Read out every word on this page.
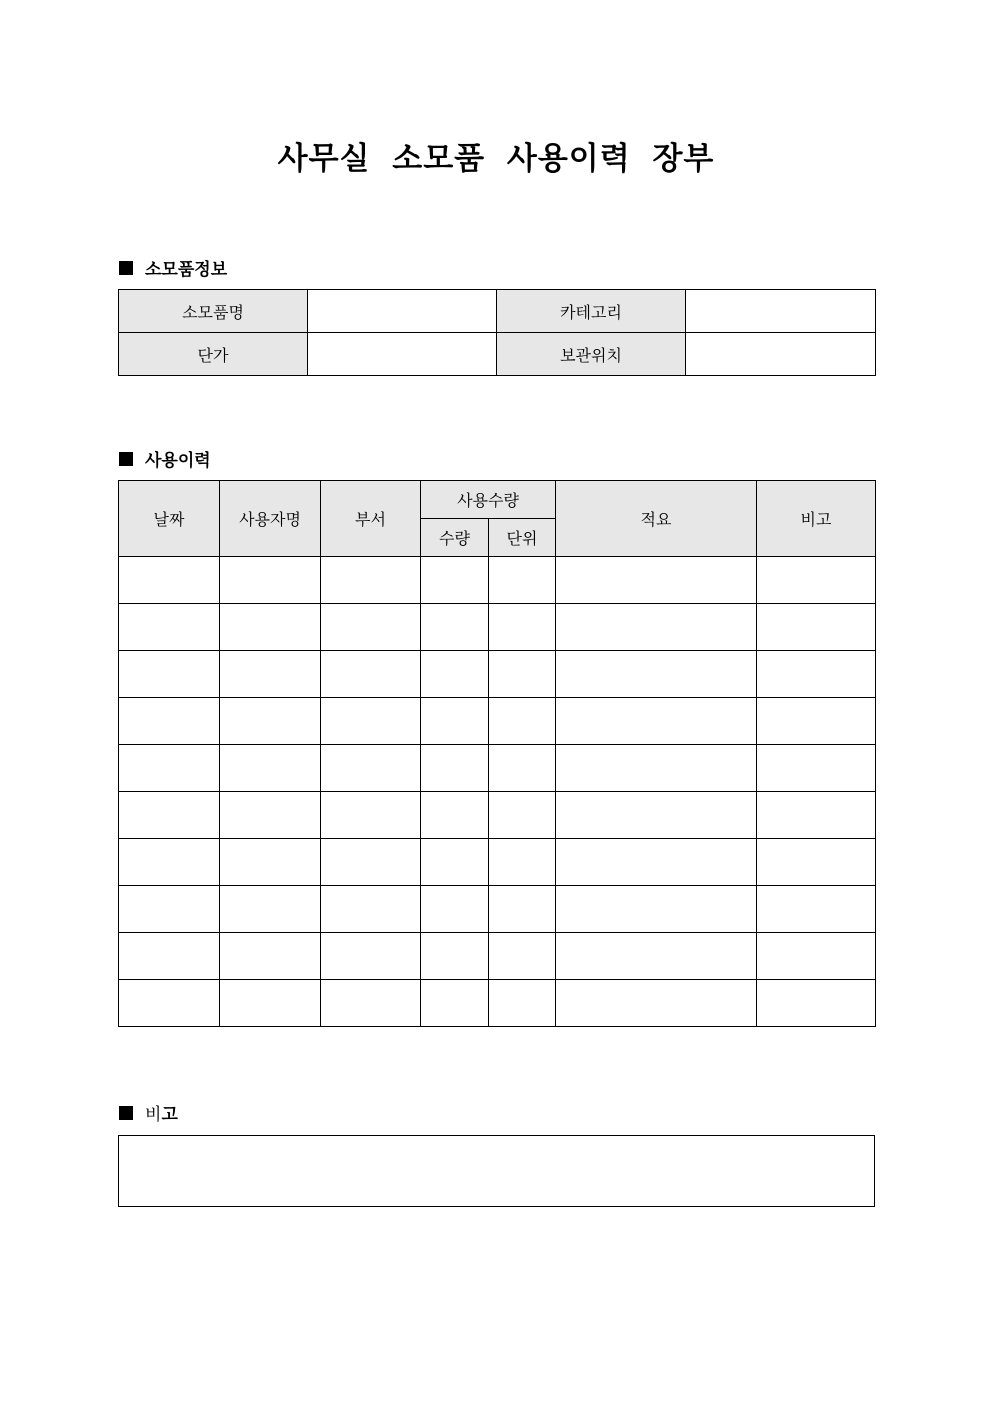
사무실 소모품 사용이력 장부
소모품정보
소모품명		카테고리	
단가		보관위치	
사용이력
날짜	사용자명	부서	사용수량		적요	비고
			수량	단위		

비 고
